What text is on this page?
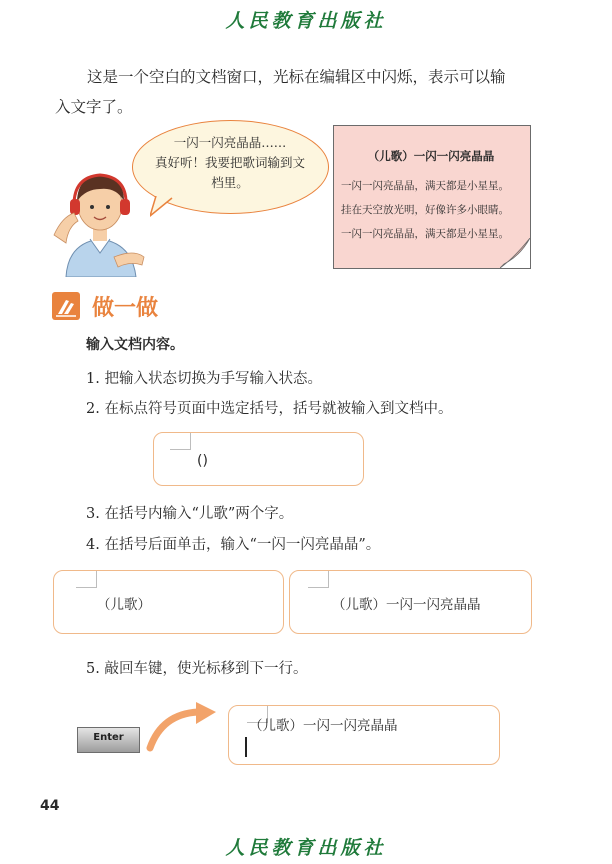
人民教育出版社
这是一个空白的文档窗口，光标在编辑区中闪烁，表示可以输
入文字了。
一闪一闪亮晶晶……
真好听！我要把歌词输到文
档里。
（儿歌）一闪一闪亮晶晶
一闪一闪亮晶晶，满天都是小星星。
挂在天空放光明，好像许多小眼睛。
一闪一闪亮晶晶，满天都是小星星。
做一做
输入文档内容。
1. 把输入状态切换为手写输入状态。
2. 在标点符号页面中选定括号，括号就被输入到文档中。
()
3. 在括号内输入“儿歌”两个字。
4. 在括号后面单击，输入“一闪一闪亮晶晶”。
（儿歌）	（儿歌）一闪一闪亮晶晶
5. 敲回车键，使光标移到下一行。
Enter
（儿歌）一闪一闪亮晶晶
44
人民教育出版社
